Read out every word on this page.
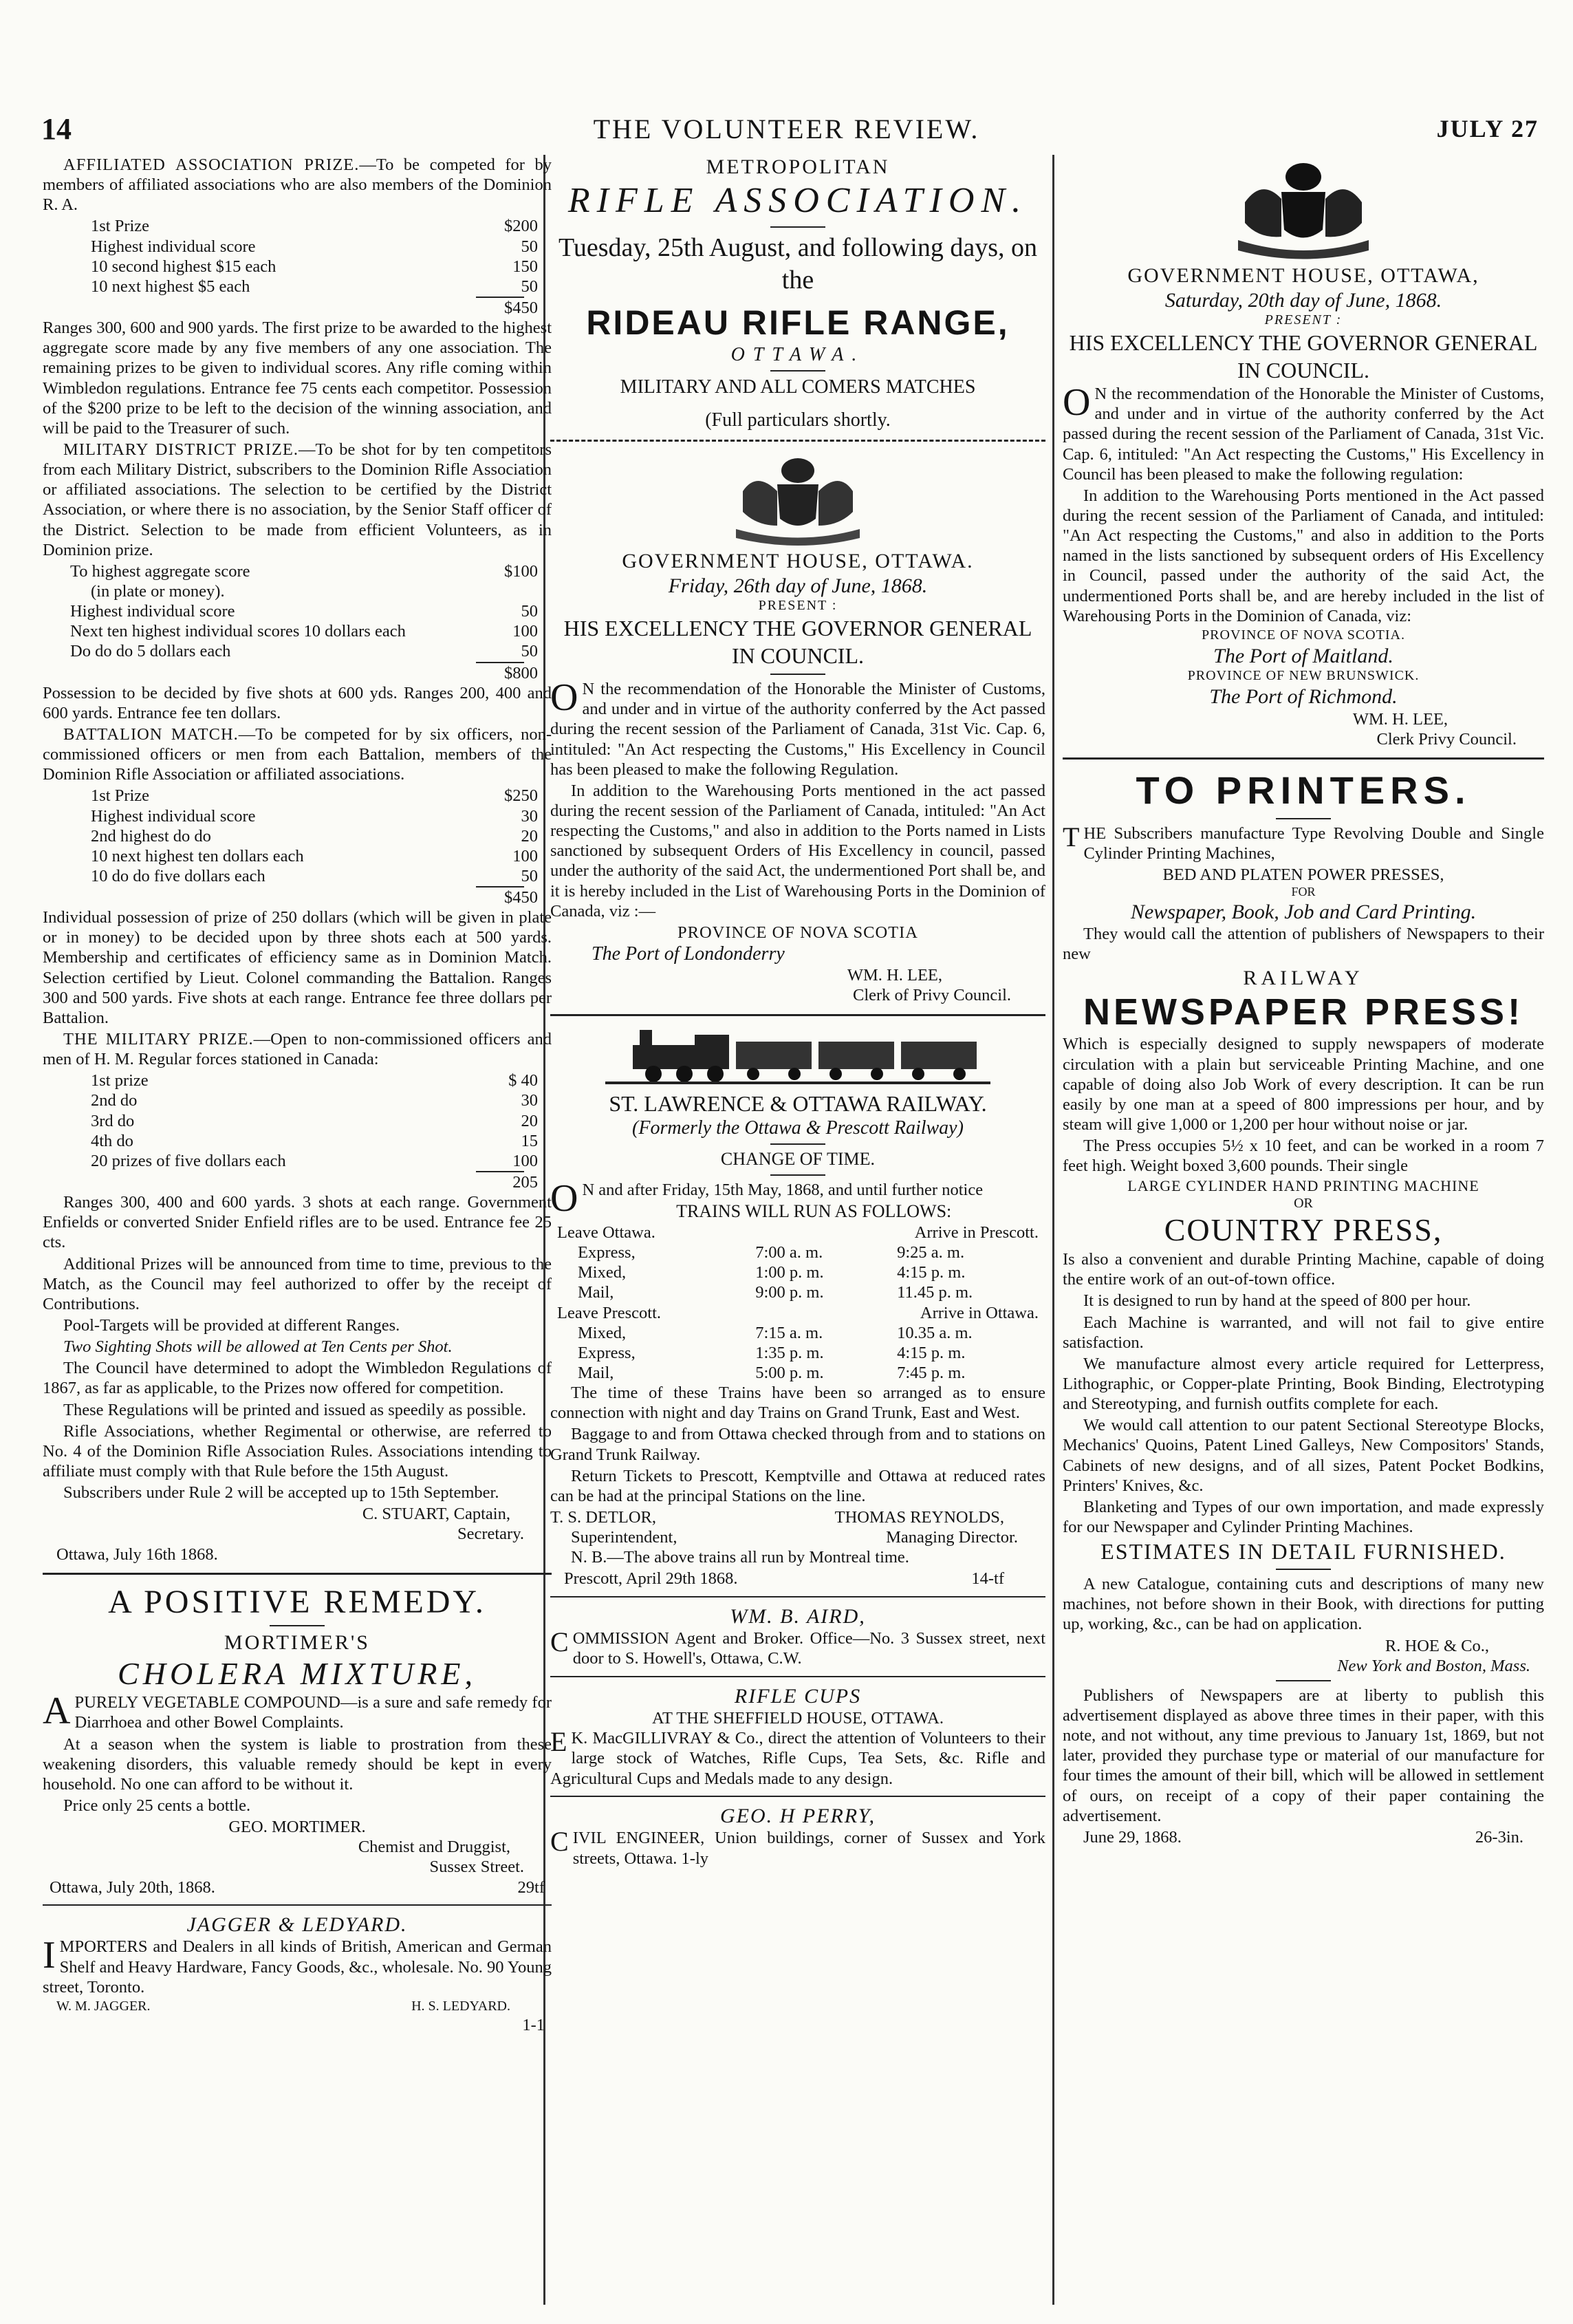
14	THE VOLUNTEER REVIEW.	JULY 27

AFFILIATED ASSOCIATION PRIZE.—To be competed for by members of affiliated associations who are also members of the Dominion R. A.

1st Prize	$200
Highest individual score	50
10 second highest $15 each	150
10 next highest $5 each	50
$450

Ranges 300, 600 and 900 yards. The first prize to be awarded to the highest aggregate score made by any five members of any one association. The remaining prizes to be given to individual scores. Any rifle coming within Wimbledon regulations. Entrance fee 75 cents each competitor. Possession of the $200 prize to be left to the decision of the winning association, and will be paid to the Treasurer of such.

MILITARY DISTRICT PRIZE.—To be shot for by ten competitors from each Military District, subscribers to the Dominion Rifle Association or affiliated associations. The selection to be certified by the District Association, or where there is no association, by the Senior Staff officer of the District. Selection to be made from efficient Volunteers, as in Dominion prize.

To highest aggregate score	$100
(in plate or money).
Highest individual score	50
Next ten highest individual scores 10 dollars each	100
Do do do 5 dollars each	50
$800

Possession to be decided by five shots at 600 yds. Ranges 200, 400 and 600 yards. Entrance fee ten dollars.

BATTALION MATCH.—To be competed for by six officers, non-commissioned officers or men from each Battalion, members of the Dominion Rifle Association or affiliated associations.

1st Prize	$250
Highest individual score	30
2nd highest do do	20
10 next highest ten dollars each	100
10 do do five dollars each	50
$450

Individual possession of prize of 250 dollars (which will be given in plate or in money) to be decided upon by three shots each at 500 yards. Membership and certificates of efficiency same as in Dominion Match. Selection certified by Lieut. Colonel commanding the Battalion. Ranges 300 and 500 yards. Five shots at each range. Entrance fee three dollars per Battalion.

THE MILITARY PRIZE.—Open to non-commissioned officers and men of H. M. Regular forces stationed in Canada:

1st prize	$ 40
2nd do	30
3rd do	20
4th do	15
20 prizes of five dollars each	100
205

Ranges 300, 400 and 600 yards. 3 shots at each range. Government Enfields or converted Snider Enfield rifles are to be used. Entrance fee 25 cts.

Additional Prizes will be announced from time to time, previous to the Match, as the Council may feel authorized to offer by the receipt of Contributions.

Pool-Targets will be provided at different Ranges.

Two Sighting Shots will be allowed at Ten Cents per Shot.

The Council have determined to adopt the Wimbledon Regulations of 1867, as far as applicable, to the Prizes now offered for competition.

These Regulations will be printed and issued as speedily as possible.

Rifle Associations, whether Regimental or otherwise, are referred to No. 4 of the Dominion Rifle Association Rules. Associations intending to affiliate must comply with that Rule before the 15th August.

Subscribers under Rule 2 will be accepted up to 15th September.

C. STUART, Captain,
Secretary.
Ottawa, July 16th 1868.
A POSITIVE REMEDY.
MORTIMER'S
CHOLERA MIXTURE,

APURELY VEGETABLE COMPOUND—is a sure and safe remedy for Diarrhoea and other Bowel Complaints.

At a season when the system is liable to prostration from these weakening disorders, this valuable remedy should be kept in every household. No one can afford to be without it.

Price only 25 cents a bottle.

GEO. MORTIMER.
Chemist and Druggist,
Sussex Street.
Ottawa, July 20th, 1868.	29tf
JAGGER & LEDYARD.

IMPORTERS and Dealers in all kinds of British, American and German Shelf and Heavy Hardware, Fancy Goods, &c., wholesale. No. 90 Young street, Toronto.

W. M. JAGGER.	H. S. LEDYARD.
1-1
METROPOLITAN
RIFLE ASSOCIATION.
Tuesday, 25th August, and following days, on the
RIDEAU RIFLE RANGE,
OTTAWA.
MILITARY AND ALL COMERS MATCHES
(Full particulars shortly.
GOVERNMENT HOUSE, OTTAWA.
Friday, 26th day of June, 1868.
PRESENT :
HIS EXCELLENCY THE GOVERNOR GENERAL IN COUNCIL.

O N the recommendation of the Honorable the Minister of Customs, and under and in virtue of the authority conferred by the Act passed during the recent session of the Parliament of Canada, 31st Vic. Cap. 6, intituled: "An Act respecting the Customs," His Excellency in Council has been pleased to make the following Regulation.

In addition to the Warehousing Ports mentioned in the act passed during the recent session of the Parliament of Canada, intituled: "An Act respecting the Customs," and also in addition to the Ports named in Lists sanctioned by subsequent Orders of His Excellency in council, passed under the authority of the said Act, the undermentioned Port shall be, and it is hereby included in the List of Warehousing Ports in the Dominion of Canada, viz :—

PROVINCE OF NOVA SCOTIA
The Port of Londonderry
WM. H. LEE,
Clerk of Privy Council.
ST. LAWRENCE & OTTAWA RAILWAY.
(Formerly the Ottawa & Prescott Railway)
CHANGE OF TIME.

O N and after Friday, 15th May, 1868, and until further notice

TRAINS WILL RUN AS FOLLOWS:
Leave Ottawa.	Arrive in Prescott.
Express,	7:00 a. m.	9:25 a. m.
Mixed,	1:00 p. m.	4:15 p. m.
Mail,	9:00 p. m.	11.45 p. m.
Leave Prescott.	Arrive in Ottawa.
Mixed,	7:15 a. m.	10.35 a. m.
Express,	1:35 p. m.	4:15 p. m.
Mail,	5:00 p. m.	7:45 p. m.

The time of these Trains have been so arranged as to ensure connection with night and day Trains on Grand Trunk, East and West.

Baggage to and from Ottawa checked through from and to stations on Grand Trunk Railway.

Return Tickets to Prescott, Kemptville and Ottawa at reduced rates can be had at the principal Stations on the line.

T. S. DETLOR,	THOMAS REYNOLDS,
Superintendent,	Managing Director.

N. B.—The above trains all run by Montreal time.

Prescott, April 29th 1868.	14-tf
WM. B. AIRD,

COMMISSION Agent and Broker. Office—No. 3 Sussex street, next door to S. Howell's, Ottawa, C.W.

RIFLE CUPS
AT THE SHEFFIELD HOUSE, OTTAWA.

E K. MacGILLIVRAY & Co., direct the attention of Volunteers to their large stock of Watches, Rifle Cups, Tea Sets, &c. Rifle and Agricultural Cups and Medals made to any design.

GEO. H PERRY,

CIVIL ENGINEER, Union buildings, corner of Sussex and York streets, Ottawa. 1-ly

GOVERNMENT HOUSE, OTTAWA,
Saturday, 20th day of June, 1868.
PRESENT :
HIS EXCELLENCY THE GOVERNOR GENERAL IN COUNCIL.

O N the recommendation of the Honorable the Minister of Customs, and under and in virtue of the authority conferred by the Act passed during the recent session of the Parliament of Canada, 31st Vic. Cap. 6, intituled: "An Act respecting the Customs," His Excellency in Council has been pleased to make the following regulation:

In addition to the Warehousing Ports mentioned in the Act passed during the recent session of the Parliament of Canada, and intituled: "An Act respecting the Customs," and also in addition to the Ports named in the lists sanctioned by subsequent orders of His Excellency in Council, passed under the authority of the said Act, the undermentioned Ports shall be, and are hereby included in the list of Warehousing Ports in the Dominion of Canada, viz:

PROVINCE OF NOVA SCOTIA.
The Port of Maitland.
PROVINCE OF NEW BRUNSWICK.
The Port of Richmond.
WM. H. LEE,
Clerk Privy Council.
TO PRINTERS.

THE Subscribers manufacture Type Revolving Double and Single Cylinder Printing Machines,

BED AND PLATEN POWER PRESSES,
FOR
Newspaper, Book, Job and Card Printing.

They would call the attention of publishers of Newspapers to their new

RAILWAY
NEWSPAPER PRESS!

Which is especially designed to supply newspapers of moderate circulation with a plain but serviceable Printing Machine, and one capable of doing also Job Work of every description. It can be run easily by one man at a speed of 800 impressions per hour, and by steam will give 1,000 or 1,200 per hour without noise or jar.

The Press occupies 5½ x 10 feet, and can be worked in a room 7 feet high. Weight boxed 3,600 pounds. Their single

LARGE CYLINDER HAND PRINTING MACHINE
OR
COUNTRY PRESS,

Is also a convenient and durable Printing Machine, capable of doing the entire work of an out-of-town office.

It is designed to run by hand at the speed of 800 per hour.

Each Machine is warranted, and will not fail to give entire satisfaction.

We manufacture almost every article required for Letterpress, Lithographic, or Copper-plate Printing, Book Binding, Electrotyping and Stereotyping, and furnish outfits complete for each.

We would call attention to our patent Sectional Stereotype Blocks, Mechanics' Quoins, Patent Lined Galleys, New Compositors' Stands, Cabinets of new designs, and of all sizes, Patent Pocket Bodkins, Printers' Knives, &c.

Blanketing and Types of our own importation, and made expressly for our Newspaper and Cylinder Printing Machines.

ESTIMATES IN DETAIL FURNISHED.

A new Catalogue, containing cuts and descriptions of many new machines, not before shown in their Book, with directions for putting up, working, &c., can be had on application.

R. HOE & Co.,
New York and Boston, Mass.

Publishers of Newspapers are at liberty to publish this advertisement displayed as above three times in their paper, with this note, and not without, any time previous to January 1st, 1869, but not later, provided they purchase type or material of our manufacture for four times the amount of their bill, which will be allowed in settlement of ours, on receipt of a copy of their paper containing the advertisement.

June 29, 1868.	26-3in.
